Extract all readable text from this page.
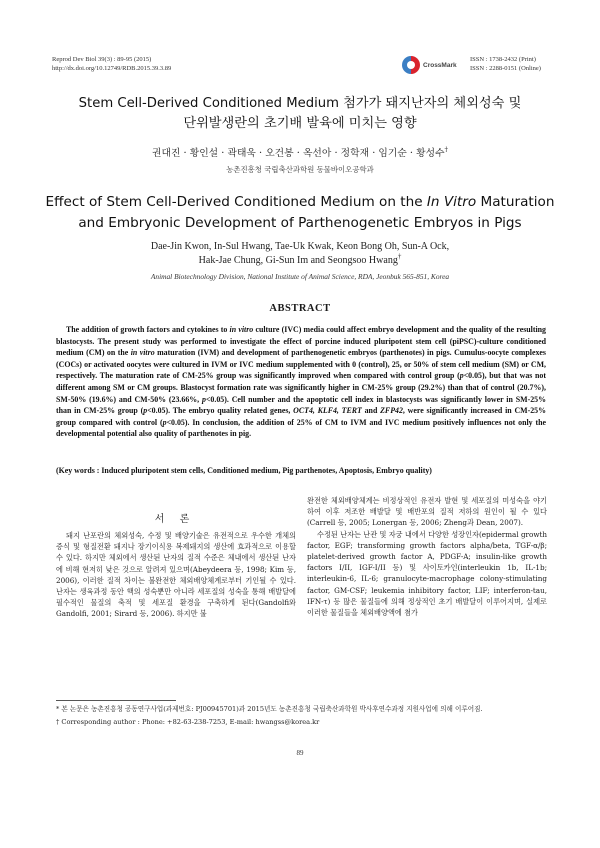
Reprod Dev Biol 39(3) : 89-95 (2015)
http://dx.doi.org/10.12749/RDB.2015.39.3.89	CrossMark
ISSN : 1738-2432 (Print)
ISSN : 2288-0151 (Online)
Stem Cell-Derived Conditioned Medium 첨가가 돼지난자의 체외성숙 및
단위발생란의 초기배 발육에 미치는 영향
권대진 · 황인설 · 곽태욱 · 오건봉 · 옥선아 · 정학재 · 임기순 · 황성수†
농촌진흥청 국립축산과학원 동물바이오공학과
Effect of Stem Cell-Derived Conditioned Medium on the In Vitro Maturation
and Embryonic Development of Parthenogenetic Embryos in Pigs
Dae-Jin Kwon, In-Sul Hwang, Tae-Uk Kwak, Keon Bong Oh, Sun-A Ock,
Hak-Jae Chung, Gi-Sun Im and Seongsoo Hwang†
Animal Biotechnology Division, National Institute of Animal Science, RDA, Jeonbuk 565-851, Korea
ABSTRACT

The addition of growth factors and cytokines to in vitro culture (IVC) media could affect embryo development and the quality of the resulting blastocysts. The present study was performed to investigate the effect of porcine induced pluripotent stem cell (piPSC)-culture conditioned medium (CM) on the in vitro maturation (IVM) and development of parthenogenetic embryos (parthenotes) in pigs. Cumulus-oocyte complexes (COCs) or activated oocytes were cultured in IVM or IVC medium supplemented with 0 (control), 25, or 50% of stem cell medium (SM) or CM, respectively. The maturation rate of CM-25% group was significantly improved when compared with control group (p<0.05), but that was not different among SM or CM groups. Blastocyst formation rate was significantly higher in CM-25% group (29.2%) than that of control (20.7%), SM-50% (19.6%) and CM-50% (23.66%, p<0.05). Cell number and the apoptotic cell index in blastocysts was significantly lower in SM-25% than in CM-25% group (p<0.05). The embryo quality related genes, OCT4, KLF4, TERT and ZFP42, were significantly increased in CM-25% group compared with control (p<0.05). In conclusion, the addition of 25% of CM to IVM and IVC medium positively influences not only the developmental potential also quality of parthenotes in pig.

(Key words : Induced pluripotent stem cells, Conditioned medium, Pig parthenotes, Apoptosis, Embryo quality)
서 론

돼지 난포란의 체외성숙, 수정 및 배양기술은 유전적으로 우수한 개체의 증식 및 형질전환 돼지나 장기이식용 복제돼지의 생산에 효과적으로 이용할 수 있다. 하지만 체외에서 생산된 난자의 질적 수준은 체내에서 생산된 난자에 비해 현저히 낮은 것으로 알려져 있으며(Abeydeera 등, 1998; Kim 등, 2006), 이러한 질적 차이는 불완전한 체외배양체계로부터 기인될 수 있다. 난자는 생육과정 동안 핵의 성숙뿐만 아니라 세포질의 성숙을 통해 배발달에 필수적인 물질의 축적 및 세포질 환경을 구축하게 된다(Gandolfi와 Gandolfi, 2001; Sirard 등, 2006). 하지만 불

완전한 체외배양체계는 비정상적인 유전자 발현 및 세포질의 미성숙을 야기하여 이후 저조한 배발달 및 배반포의 질적 저하의 원인이 될 수 있다(Carrell 등, 2005; Lonergan 등, 2006; Zheng과 Dean, 2007).

수정된 난자는 난관 및 자궁 내에서 다양한 성장인자(epidermal growth factor, EGF; transforming growth factors alpha/beta, TGF-α/β; platelet-derived growth factor A, PDGF-A; insulin-like growth factors I/II, IGF-I/II 등) 및 사이토카인(interleukin 1b, IL-1b; interleukin-6, IL-6; granulocyte-macrophage colony-stimulating factor, GM-CSF; leukemia inhibitory factor, LIF; interferon-tau, IFN-τ) 등 많은 물질들에 의해 정상적인 초기 배발달이 이루어지며, 실제로 이러한 물질들을 체외배양액에 첨가

* 본 논문은 농촌진흥청 공동연구사업(과제번호: PJ00945701)과 2015년도 농촌진흥청 국립축산과학원 박사후연수과정 지원사업에 의해 이루어짐.

† Corresponding author : Phone: +82-63-238-7253, E-mail: hwangss@korea.kr

89
